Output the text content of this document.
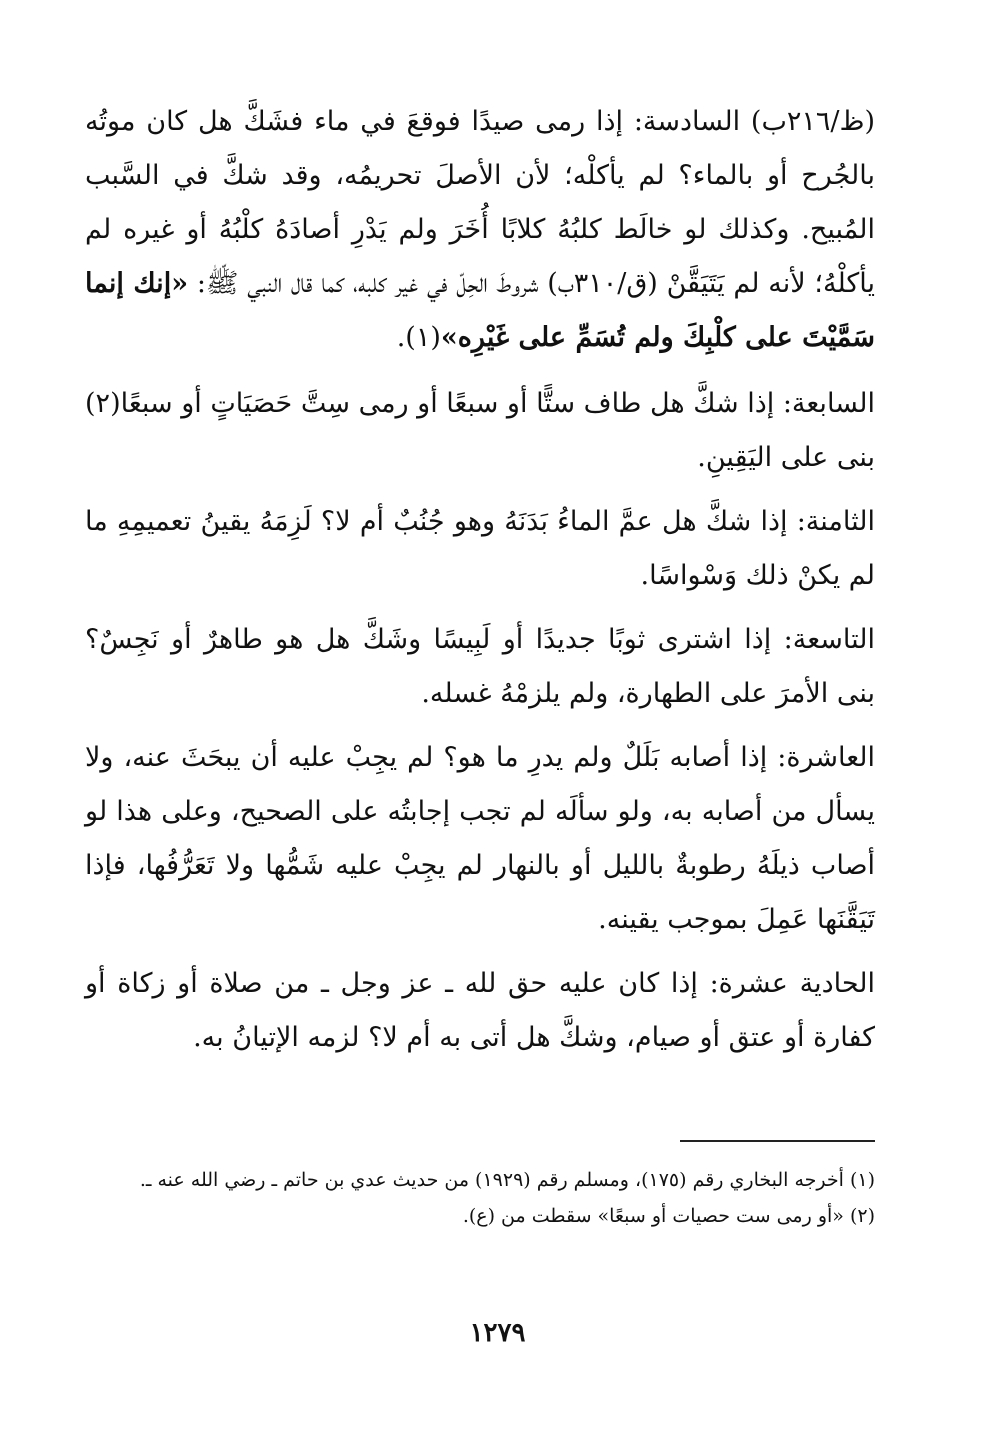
(ظ/٢١٦ب) السادسة: إذا رمى صيدًا فوقعَ في ماء فشَكَّ هل كان موتُه بالجُرح أو بالماء؟ لم يأكلْه؛ لأن الأصلَ تحريمُه، وقد شكَّ في السَّبب المُبيح. وكذلك لو خالَط كلبُهُ كلابًا أُخَرَ ولم يَدْرِ أصادَهُ كلْبُهُ أو غيره لم يأكلْهُ؛ لأنه لم يَتَيَقَّنْ (ق/٣١٠ب) شروطَ الحِلّ في غير كلبه، كما قال النبي ﷺ: «إنك إنما سَمَّيْتَ على كلْبِكَ ولم تُسَمِّ على غَيْرِه»(١).

السابعة: إذا شكَّ هل طاف ستًّا أو سبعًا أو رمى سِتَّ حَصَيَاتٍ أو سبعًا(٢) بنى على اليَقِينِ.

الثامنة: إذا شكَّ هل عمَّ الماءُ بَدَنَهُ وهو جُنُبٌ أم لا؟ لَزِمَهُ يقينُ تعميمِهِ ما لم يكنْ ذلك وَسْواسًا.

التاسعة: إذا اشترى ثوبًا جديدًا أو لَبِيسًا وشَكَّ هل هو طاهرٌ أو نَجِسٌ؟ بنى الأمرَ على الطهارة، ولم يلزمْهُ غسله.

العاشرة: إذا أصابه بَلَلٌ ولم يدرِ ما هو؟ لم يجِبْ عليه أن يبحَثَ عنه، ولا يسأل من أصابه به، ولو سألَه لم تجب إجابتُه على الصحيح، وعلى هذا لو أصاب ذيلَهُ رطوبةٌ بالليل أو بالنهار لم يجِبْ عليه شَمُّها ولا تَعَرُّفُها، فإذا تَيَقَّنَها عَمِلَ بموجب يقينه.

الحادية عشرة: إذا كان عليه حق لله ـ عز وجل ـ من صلاة أو زكاة أو كفارة أو عتق أو صيام، وشكَّ هل أتى به أم لا؟ لزمه الإتيانُ به.

(١) أخرجه البخاري رقم (١٧٥)، ومسلم رقم (١٩٢٩) من حديث عدي بن حاتم ـ رضي الله عنه ـ.

(٢) «أو رمى ست حصيات أو سبعًا» سقطت من (ع).

١٢٧٩
